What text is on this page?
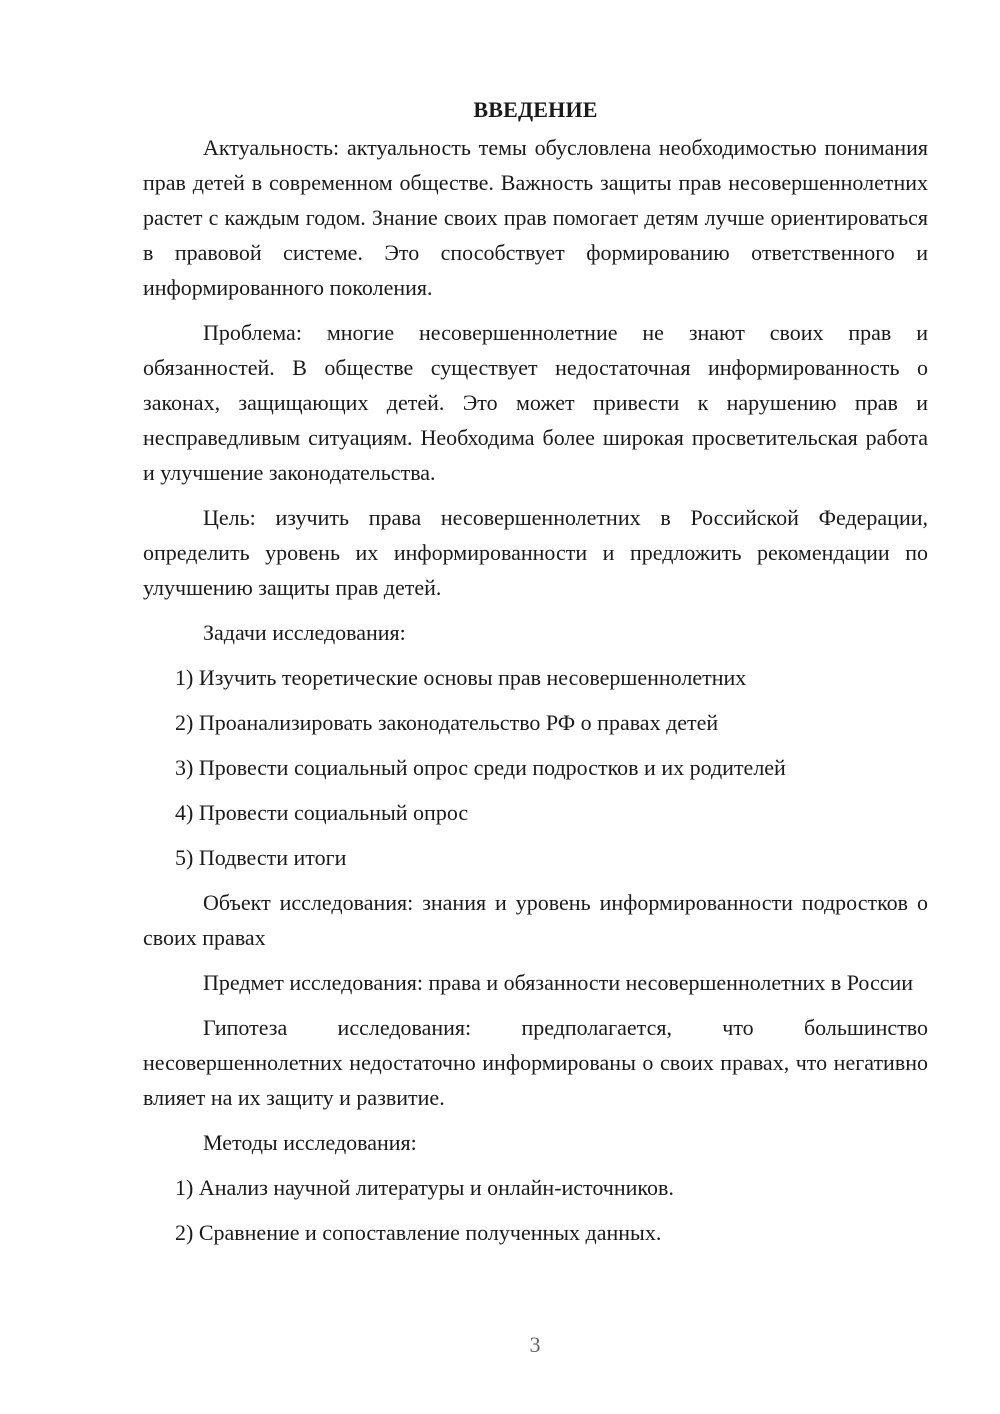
ВВЕДЕНИЕ

Актуальность: актуальность темы обусловлена необходимостью понимания прав детей в современном обществе. Важность защиты прав несовершеннолетних растет с каждым годом. Знание своих прав помогает детям лучше ориентироваться в правовой системе. Это способствует формированию ответственного и информированного поколения.

Проблема: многие несовершеннолетние не знают своих прав и обязанностей. В обществе существует недостаточная информированность о законах, защищающих детей. Это может привести к нарушению прав и несправедливым ситуациям. Необходима более широкая просветительская работа и улучшение законодательства.

Цель: изучить права несовершеннолетних в Российской Федерации, определить уровень их информированности и предложить рекомендации по улучшению защиты прав детей.

Задачи исследования:
1) Изучить теоретические основы прав несовершеннолетних
2) Проанализировать законодательство РФ о правах детей
3) Провести социальный опрос среди подростков и их родителей
4) Провести социальный опрос
5) Подвести итоги

Объект исследования: знания и уровень информированности подростков о своих правах

Предмет исследования: права и обязанности несовершеннолетних в России

Гипотеза исследования: предполагается, что большинство несовершеннолетних недостаточно информированы о своих правах, что негативно влияет на их защиту и развитие.

Методы исследования:
1) Анализ научной литературы и онлайн-источников.
2) Сравнение и сопоставление полученных данных.
3
